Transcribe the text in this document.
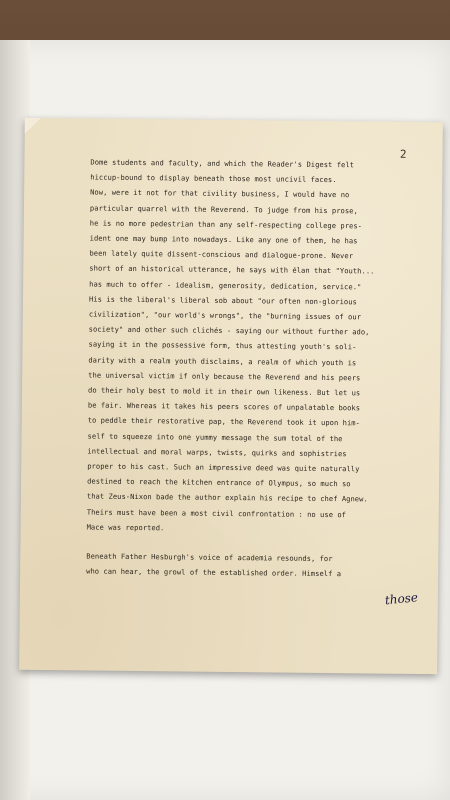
2
Dome students and faculty, and which the Reader's Digest felt
hiccup-bound to display beneath those most uncivil faces.
Now, were it not for that civility business, I would have no
particular quarrel with the Reverend. To judge from his prose,
he is no more pedestrian than any self-respecting college pres-
ident one may bump into nowadays. Like any one of them, he has
been lately quite dissent-conscious and dialogue-prone. Never
short of an historical utterance, he says with élan that "Youth...
has much to offer - idealism, generosity, dedication, service."
His is the liberal's liberal sob about "our often non-glorious
civilization", "our world's wrongs", the "burning issues of our
society" and other such clichés - saying our without further ado,
saying it in the possessive form, thus attesting youth's soli-
darity with a realm youth disclaims, a realm of which youth is
the universal victim if only because the Reverend and his peers
do their holy best to mold it in their own likeness. But let us
be fair. Whereas it takes his peers scores of unpalatable books
to peddle their restorative pap, the Reverend took it upon him-
self to squeeze into one yummy message the sum total of the
intellectual and moral warps, twists, quirks and sophistries
proper to his cast. Such an impressive deed was quite naturally
destined to reach the kitchen entrance of Olympus, so much so
that Zeus-Nixon bade the author explain his recipe to chef Agnew.
Theirs must have been a most civil confrontation : no use of
Mace was reported.
Beneath Father Hesburgh's voice of academia resounds, for
who can hear, the growl of the established order. Himself a
those
